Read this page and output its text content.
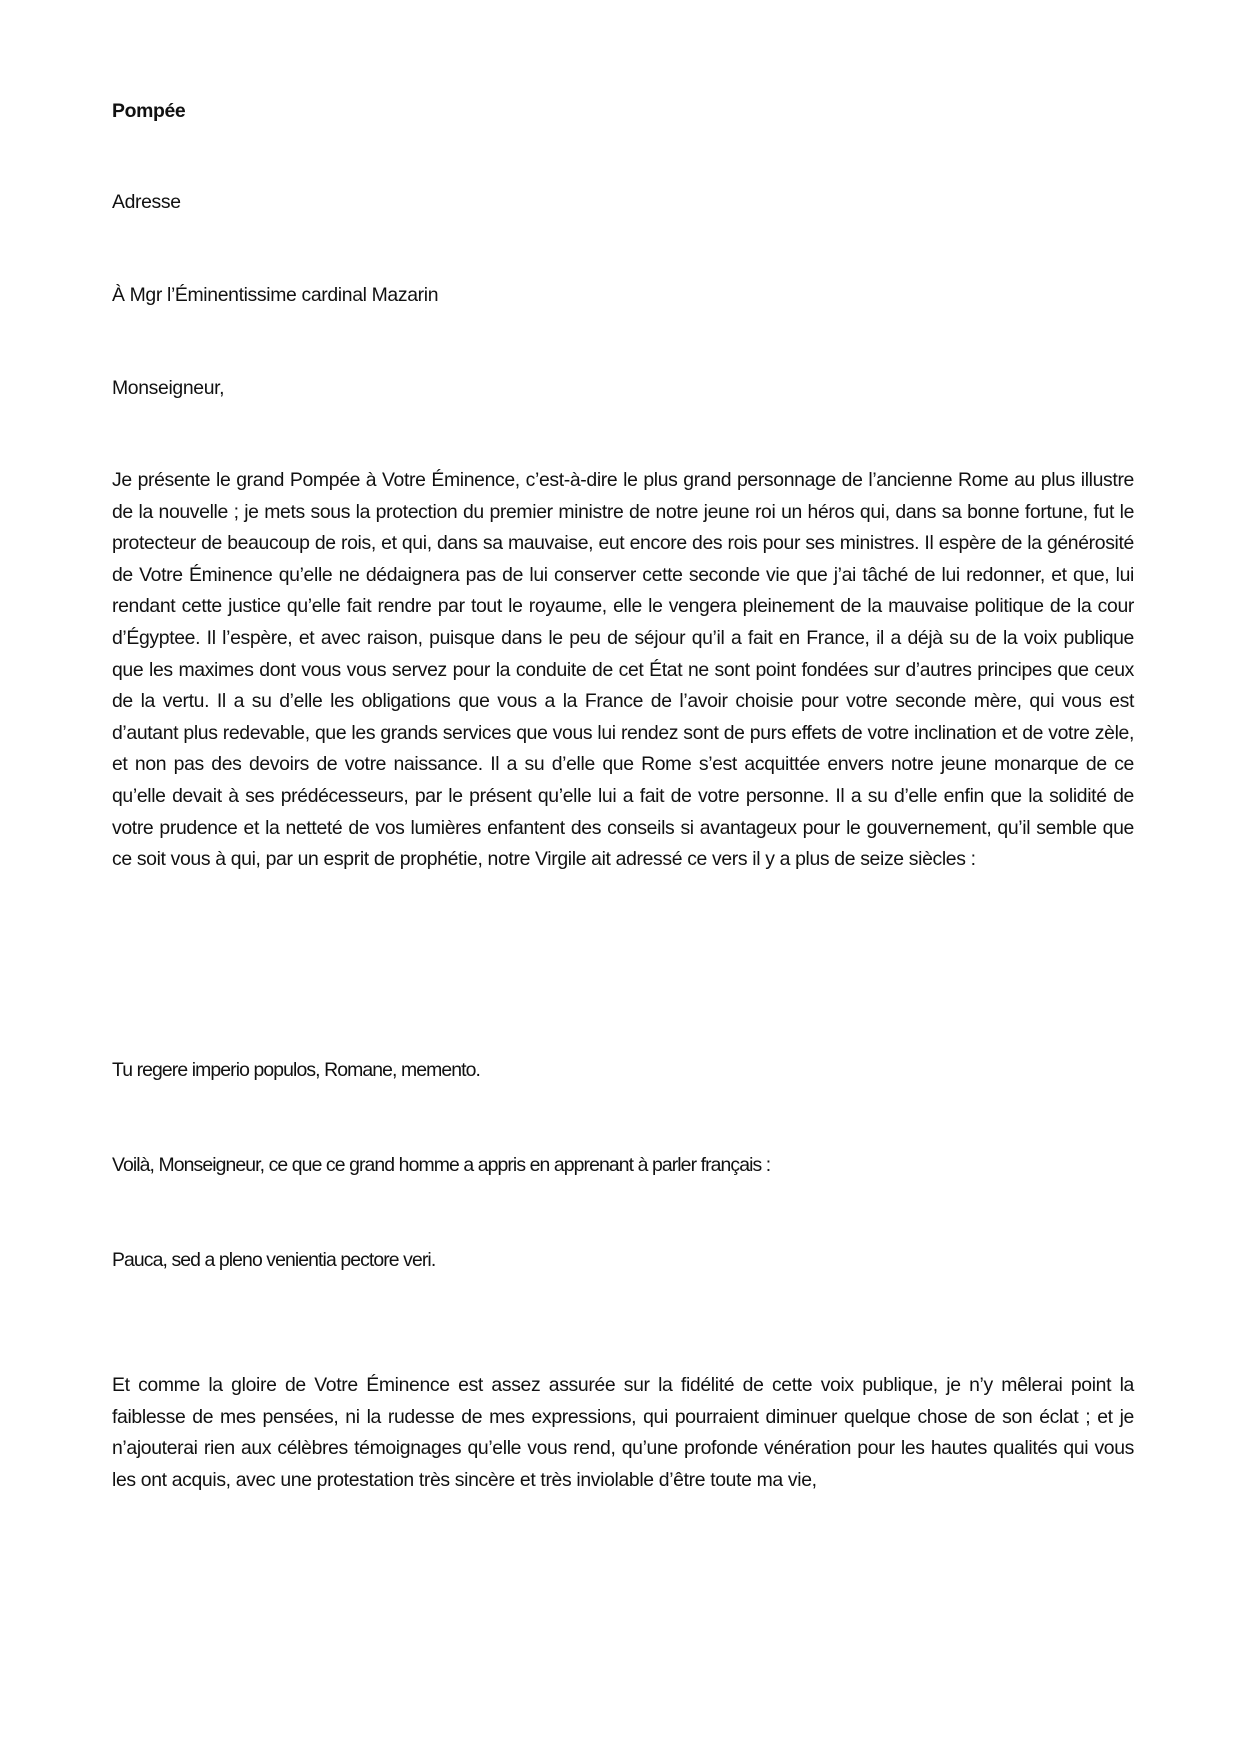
Pompée

Adresse

À Mgr l’Éminentissime cardinal Mazarin

Monseigneur,

Je présente le grand Pompée à Votre Éminence, c’est-à-dire le plus grand personnage de l’ancienne Rome au plus illustre de la nouvelle ; je mets sous la protection du premier ministre de notre jeune roi un héros qui, dans sa bonne fortune, fut le protecteur de beaucoup de rois, et qui, dans sa mauvaise, eut encore des rois pour ses ministres. Il espère de la générosité de Votre Éminence qu’elle ne dédaignera pas de lui conserver cette seconde vie que j’ai tâché de lui redonner, et que, lui rendant cette justice qu’elle fait rendre par tout le royaume, elle le vengera pleinement de la mauvaise politique de la cour d’Égyptee. Il l’espère, et avec raison, puisque dans le peu de séjour qu’il a fait en France, il a déjà su de la voix publique que les maximes dont vous vous servez pour la conduite de cet État ne sont point fondées sur d’autres principes que ceux de la vertu. Il a su d’elle les obligations que vous a la France de l’avoir choisie pour votre seconde mère, qui vous est d’autant plus redevable, que les grands services que vous lui rendez sont de purs effets de votre inclination et de votre zèle, et non pas des devoirs de votre naissance. Il a su d’elle que Rome s’est acquittée envers notre jeune monarque de ce qu’elle devait à ses prédécesseurs, par le présent qu’elle lui a fait de votre personne. Il a su d’elle enfin que la solidité de votre prudence et la netteté de vos lumières enfantent des conseils si avantageux pour le gouvernement, qu’il semble que ce soit vous à qui, par un esprit de prophétie, notre Virgile ait adressé ce vers il y a plus de seize siècles :

Tu regere imperio populos, Romane, memento.

Voilà, Monseigneur, ce que ce grand homme a appris en apprenant à parler français :

Pauca, sed a pleno venientia pectore veri.

Et comme la gloire de Votre Éminence est assez assurée sur la fidélité de cette voix publique, je n’y mêlerai point la faiblesse de mes pensées, ni la rudesse de mes expressions, qui pourraient diminuer quelque chose de son éclat ; et je n’ajouterai rien aux célèbres témoignages qu’elle vous rend, qu’une profonde vénération pour les hautes qualités qui vous les ont acquis, avec une protestation très sincère et très inviolable d’être toute ma vie,
